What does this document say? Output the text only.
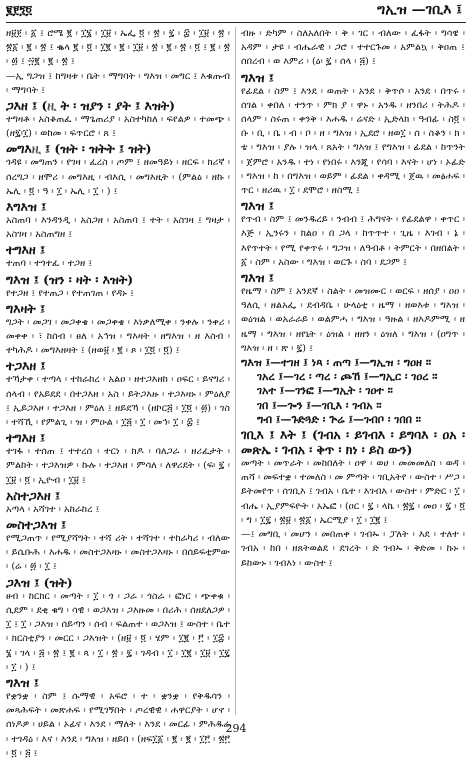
፪፻፺፬	ግኢዝ —ገቢእ ፤

ዘ፱፻ ፡ ፩ ፤ ሮሜ ፪ ፡ ፲፮ ፡ ፲፱ ፡ ኤፌ ፬ ፡ ፳ ፡ ፯ ፡ ፰ ፡ ፲፱ ፡ ፳ ፡ ፳፩ ፡ ፪ ፡ ፳ ፤ ቈላ ፪ ፡ ፬ ፡ ፲፪ ፡ ፪ ፡ ፲፱ ፡ ፳ ፡ ፪ ፡ ፳ ፡ ፬ ፤ ፪ ፡ ፳ ፡ ፴ ፤ ፵፪ ፡ ፪ ፡ ፳ ፤

—ኢ ግጋዝ ፤ ከግዛቱ ፡ ቤት ፡ ማግባት ፡ ግእዝ ፡ መግር ፤ እቁጡብ ፡ ማግባት ፤

ጋእዘ ፤ (ዚ ት ፡ ዝያን ፡ ያት ፤ እዝት)

ተግዛቶ ፡ አስቆጠፈ ፡ ማጌጠሪያ ፡ አስተካከለ ፡ ፍየልዎ ፡ ተመጭ ፡ (ዘ፯፡፲) ፡ ወከመ ፡ ፍጥርሮ ፡ ጸ ፤

መግእዚ ፤ (ዝት ፡ ዝትት ፤ ዝት)

ጎዳዩ ፡ መግጠን ፡ የገዛ ፡ ፈረስ ፡ ጦም ፤ ዘመዓይነ ፡ ዘርፍ ፡ ክሪኛ ፡ ሰረግጋ ፡ ዘሞሪ ፡ መግእዚ ፡ ብእሲ ፡ መግእዚት ፡ (ምልዕ ፡ ዘኩ ፡ ኤሊ ፡ ፬ ፡ ዓ ፡ ፲ ፡ ኤሊ ፡ ፲ ፡ ) ፤

እግእዝ ፤

አስጠባ ፡ እንዳንዲ ፡ አስጋዘ ፡ አስጠባ ፤ ተት ፡ አስገዛ ፤ ግዛታ ፡ አስገዛ ፡ አስጠግዘ ፤

ተግእዘ ፤

ተጠባ ፡ ተጎተፈ ፡ ተጋዘ ፤

ግእዝ ፤ (ዝን ፡ ዛት ፡ እዝት)

የተጋዘ ፤ የተጠጋ ፡ የተጠገጠ ፡ የዳኑ ፤

ግእዛት ፤

ግጋት ፡ መጋገ ፡ መጋቀቄ ፡ መጋቀቄ ፡ እነቃለሚቀ ፡ ንቀሉ ፡ ንቀሪ ፡ መቀቀ ፡ ፣ ከሰብ ፡ ፀለ ፡ አኅዝ ፡ ግእዛት ፡ ዘግእዝ ፡ ዘ እስብ ፡ ተካሕዶ ፡ መግእዘዛት ፤ (ዘወ፱ ፡ ፪ ፡ ጾ ፡ ፲፬ ፡ ፬) ፤

ተጋእዘ ፤

ተኻታቀ ፡ ተጣላ ፡ ተከራከረ ፡ አልዐ ፡ ዘተጋእዘከ ፡ ዐፍር ፡ ይናግሪ ፡ ሰላብ ፡ የአይደደ ፡ በተጋእዘ ፡ አስ ፡ ይትጋእዙ ፡ ተጋእዛኑ ፡ ምዕለያ ፤ ኢይጋእዞ ፡ ተጋእዘ ፡ ምዕለ ፤ ዘይደኻ ፡ (ዘኮር፭ ፡ ፲፬ ፡ ፴) ፡ ገስ ፡ ተሻኺ ፡ የምልጊ ፡ ዝ ፡ ምዑል ፡ ፲፭ ፡ ፲ ፡ መኅ፡ ፲ ፡ ፰ ፤

ተግእዘ ፤

ተገፋ ፡ ተሰጠ ፤ ተተረሰ ፡ ተርነ ፡ ክዶ ፡ ባለጋራ ፡ ዘሪፈታት ፡ ምልከት ፡ ተጋእዝዎ ፡ ኩሉ ፡ ተጋእዘ ፡ ምሳለ ፡ ለዋሪደት ፡ (ፍ፡ ፯ ፡ ፲፱ ፡ ፬ ፡ ኢዮብ ፡ ፲፱ ፤

አስተጋእዘ ፤

አጣላ ፡ አሻገተ ፡ አከራከረ ፤

መስተጋእዝ ፤

የሚጋጠጥ ፡ የሚያሻግት ፡ ተሻ ሪት ፡ ተሻገተ ፡ ተከራካሪ ፡ ብለው ፡ ይሴቡሕ ፡ እሐዱ ፡ መስተጋእዛኑ ፡ መስተጋእዛኑ ፡ በሰይፍቲምው ፡ (ሬ ፡ ፴ ፡ ፲ ፤

ጋእዝ ፤ (ዝት)

ፀብ ፡ ከርክር ፡ መጣት ፡ ፲ ፡ ጎ ፡ ጋራ ፡ ጎስራ ፡ ፎነር ፡ ጭቀቁ ፡ ሲደም ፡ ደቂ ቁግ ፡ ሳዊ ፡ ወጋእዝ ፡ ጋእዙመ ፡ በሪሕ ፡ ሰዘደለጋዎ ፡ ፲ ፤ ፲ ፡ ጋእዝ ፡ ሰይጣን ፡ ሰብ ፡ ፍልጠተ ፡ ወጋእዝ ፤ ውስተ ፡ ቤተ ፡ ክርስቲያን ፡ መርር ፡ ጋእዝት ፡ (ዘ፱ ፡ ፬ ፡ ሄም ፡ ፲፪ ፡ ፫ ፡ ፲፰ ፡ ፮ ፡ ገላ ፡ ፭ ፡ ፳ ፤ ፪ ፡ ጳ ፡ ፲ ፡ ፳ ፡ ፯ ፡ ገዳብ ፡ ፲ ፡ ፲፪ ፡ ፲፱ ፡ ፲፯ ፡ ፲ ፡ ) ፤

ግእዝ ፤

የቋንቋ ፡ ስም ፤ ሱማዊ ፡ አፍሮ ፡ ተ ፡ ቋንቋ ፡ የቅዱሳን ፡ መጻሕፍት ፡ መጽሐፍ ፡ የሚገኝበት ፡ ጦረዊዊ ፡ ሐዋርያት ፡ ሆኖ ፡ ሰነዶዎ ፡ ሀይል ፡ ኦፊና ፡ እንደ ፡ ማለት ፡ እንደ ፡ መርፊ ፡ ምሕዱሬ ፡ ተገዳዕ ፡ እና ፡ እንደ ፡ ግእዝ ፡ ዘይበ ፡ (ዘፍ፲፩ ፡ ፪ ፡ ፪ ፡ ፲፫ ፡ ፳፫ ፡ ፬ ፡ ፭ ፤

ብዙ ፡ ድካም ፡ ስለአለበት ፡ ቅ ፡ ገር ፡ ብለው ፡ ፈፋት ፡ ግሳዌ ፡ አዳም ፡ ታዩ ፡ ብሔራዊ ፡ ጋሮ ፡ ተተርጉመ ፡ አምልኳ ፡ ቅዐጠ ፤ ሰበረብ ፡ ወ እምሪ ፡ (ዕ፡ ፯ ፡ ሰላ ፡ ፭) ፤

ግእዝ ፤

የፊደል ፡ ስም ፤ እንደ ፡ ወጠት ፡ አንደ ፡ ቅጥሶ ፡ አንደ ፡ በጥሩ ፡ ሰገል ፡ ቀበለ ፡ ተንጥ ፡ ምክ ያ ፡ ዋኑ ፡ አንዱ ፡ ዘንበሪ ፡ ትሕዶ ፡ ሰላም ፡ ስሩጠ ፡ ቀንቅ ፡ እሐዱ ፡ ሬናድ ፡ ኢድላክ ፡ ዓብፊ ፡ ስ፬ ፡ ቡ ፡ ቢ ፡ ቤ ፡ ብ ፡ ቦ ፡ ዘ ፡ ግእዝ ፡ ኢደሮ ፡ ዘወ፲ ፡ ሰ ፡ ስቆን ፡ ክ ፡ ቴ ፡ ግእዝ ፡ ያሉ ፡ ዝላ ፡ ጸአት ፡ ግእዝ ፤ የግእዝ ፡ ፊደል ፡ ከጥንት ፡ ጀምሮ ፡ አንዱ ፡ ተነ ፡ የነበሩ ፡ እንጂ ፡ የሳባ ፡ እናት ፡ ሆነ ፡ ኦፊድ ፡ ግእዝ ፡ ከ ፡ በግእዝ ፡ ወይም ፡ ፊደል ፡ ቀዳሚ ፡ ጀዉ ፡ መፅሐፍ ፡ ጥር ፡ ዘሪዉ ፡ ፲ ፡ ደሞሮ ፡ ዘስሚ ፤

ግእዝ ፤

የጥብ ፡ ስም ፤ መንዱረይ ፡ ንብብ ፤ ሕግናት ፡ የፊደልዋ ፡ ቀጥር ፡ እጅ ፡ ኢንሩን ፡ ክልዐ ፡ በ ጋላ ፡ ከጥጥተ ፡ ጊዜ ፡ እገብ ፡ ኔ ፡ እየጥተት ፡ የሚ የቀጥሩ ፡ ግጋዝ ፡ ለዓብቶ ፡ ትምርት ፡ በዘበልት ፡ ፩ ፡ ስም ፡ አስው ፡ ግእዝ ፡ ወርጉ ፡ ስባ ፡ ደጋም ፤

ግእዝ ፤

የዜማ ፡ ስም ፤ አንደኛ ፡ ስልት ፡ መዝሙር ፡ ወርፍ ፡ ዘሰያ ፡ ዐዐ ፡ ዓለሲ ፡ ዘልአፌ ፡ ደብዳቤ ፡ ሁላዕቲ ፡ ዜማ ፡ ዘወእቱ ፡ ግእዝ ፡ ወዕዝል ፡ ወአራራይ ፡ ወልምሓ ፡ ግእዝ ፡ ዓዙል ፡ ዘእዶምሚ ፡ ዘ ዜማ ፡ ግእዝ ፡ ዘየኒት ፡ ዕዝል ፡ ዘዘን ፡ ዕዝለ ፡ ግእዝ ፡ (ዐግጥ ፡ ግእዝ ፡ ዘ ፡ ጽ ፡ ፯) ፤

ግእዝ ፤—ተገዘ ፤ ነጻ ፡ ጠጣ ፤—ግኢዝ ፡ ግዐዘ ።

ገአረ ፤—ገረ ፡ ጣረ ፡ ጮኸ ፤—ግኢር ፡ ገዐረ ።

ገአተ ፤—ገንፎ ፤—ግኢት ፡ ገዐተ ።

ገበ ፤—ጐን ፤—ገቢእ ፡ ገብአ ።

ግብ ፤—ጉድጓድ ፡ ጕሬ ፤—ገብቦ ፡ ገበበ ።

ገቢእ ፤ እት ፤ (ገብአ ፡ ይገብእ ፡ ይግባእ ፡ ዐአ ፡ መጽኤ ፡ ገብአ ፡ ቅጥ ፡ ክነ ፡ ይስ ውን)

መጣት ፡ መጥራት ፡ መከበለት ፡ ዐዋ ፡ ወሀ ፡ መመመለስ ፡ ወዳ ፡ ጠሻ ፡ መፍተቋ ፡ ተመለስ ፡ መ ምጣት ፡ ገቢአትየ ፡ ውስተ ፡ ሥጋ ፡ ይትመየጥ ፡ ሰገቢእ ፤ ገብአ ፡ ቤተ ፡ እገብእ ፡ ውስተ ፡ ምድር ፡ ፲ ፡ ብሔ ፡ ኢያምፍዮት ፡ አኤፎ ፡ (ዐር ፡ ፯ ፡ ላኬ ፡ ፳፯ ፡ መዐ ፡ ፯ ፡ ፬ ፡ ግ ፡ ፲፯ ፡ ፳፱ ፡ ፳፩ ፡ ኤርሚያ ፡ ፲ ፡ ፲፪ ፤

—፤ መግቢ ፡ መሆን ፡ መበጠቀ ፡ ገብኡ ፡ ፓለት ፡ እደ ፡ ተለተ ፡ ገብአ ፡ ከበ ፡ ዘጸትወልደ ፡ ደገረት ፡ ድ ገብኡ ፡ ቅድመ ፡ ኩኑ ፡ ይከውኑ ፡ ገብእነ ፡ ውስተ ፤

294
